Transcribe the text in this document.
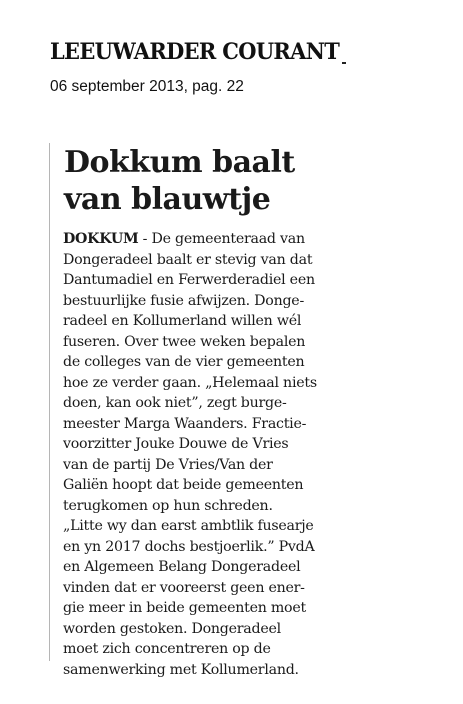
LEEUWARDER COURANT
06 september 2013, pag. 22
Dokkum baalt
van blauwtje
DOKKUM - De gemeenteraad van
Dongeradeel baalt er stevig van dat
Dantumadiel en Ferwerderadiel een
bestuurlijke fusie afwijzen. Donge-
radeel en Kollumerland willen wél
fuseren. Over twee weken bepalen
de colleges van de vier gemeenten
hoe ze verder gaan. „Helemaal niets
doen, kan ook niet”, zegt burge-
meester Marga Waanders. Fractie-
voorzitter Jouke Douwe de Vries
van de partij De Vries/Van der
Galiën hoopt dat beide gemeenten
terugkomen op hun schreden.
„Litte wy dan earst ambtlik fusearje
en yn 2017 dochs bestjoerlik.” PvdA
en Algemeen Belang Dongeradeel
vinden dat er vooreerst geen ener-
gie meer in beide gemeenten moet
worden gestoken. Dongeradeel
moet zich concentreren op de
samenwerking met Kollumerland.
